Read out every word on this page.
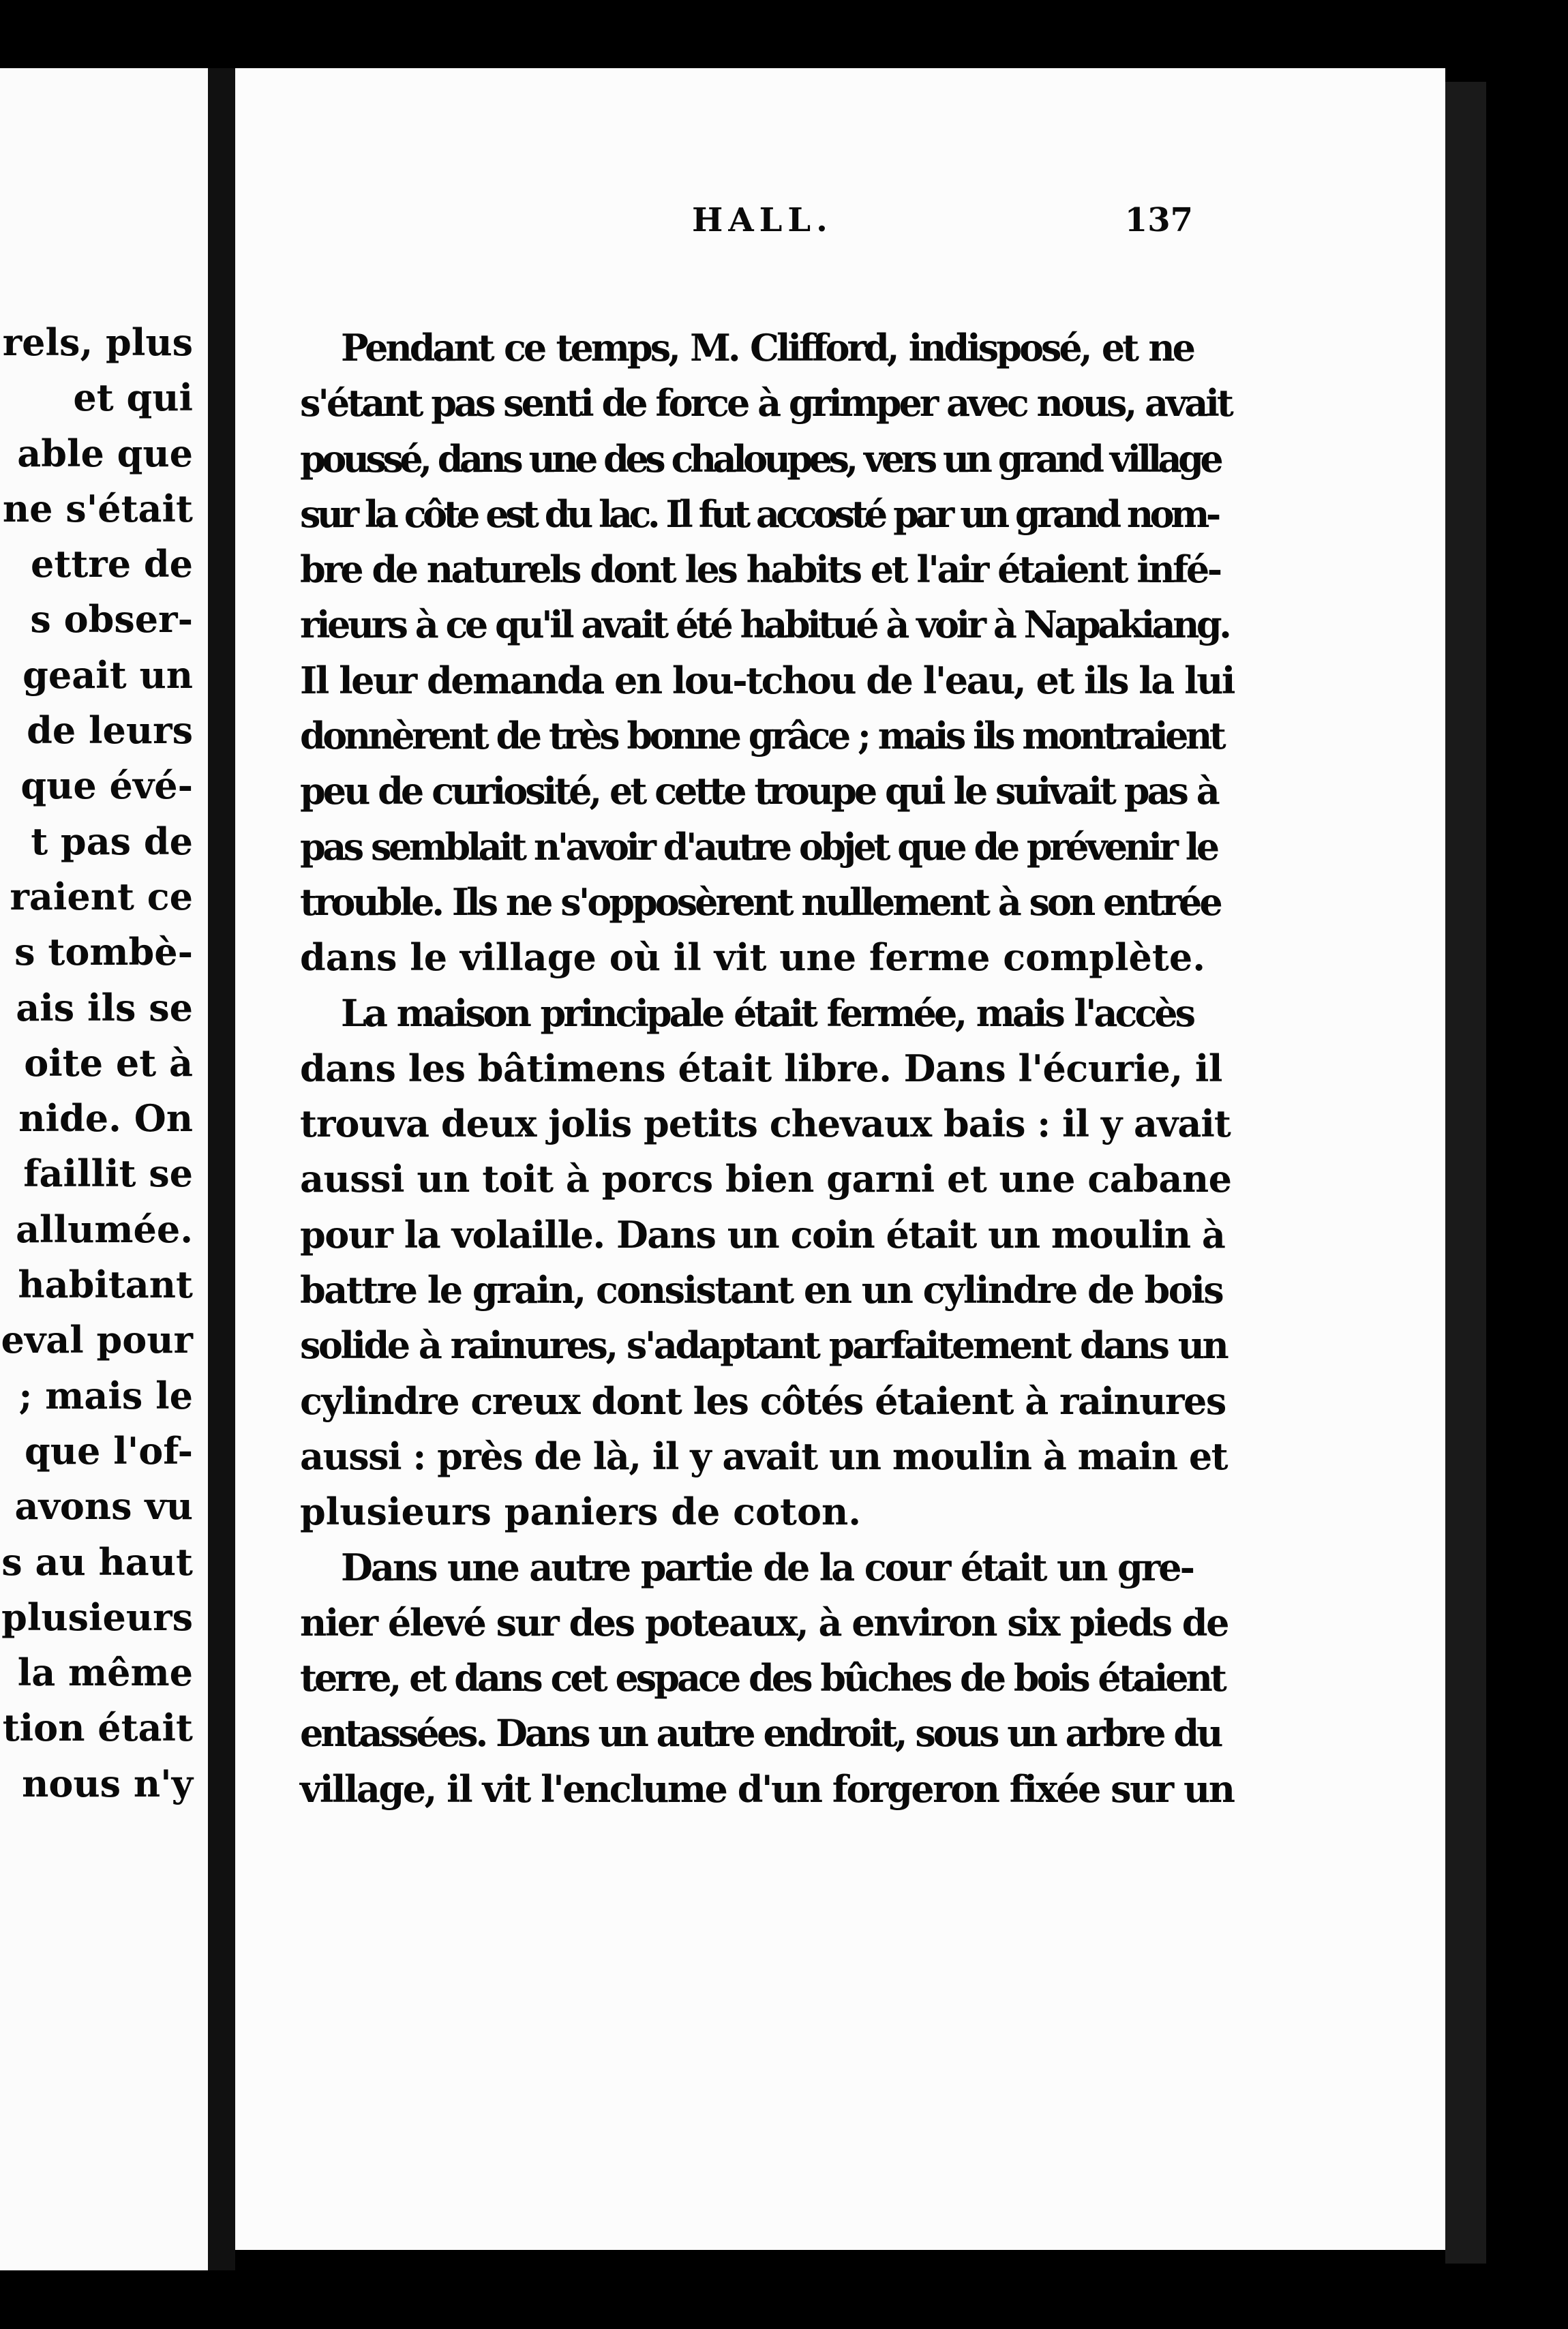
rels, plus
et qui
able que
ne s'était
ettre de
s obser-
geait un
de leurs
que évé-
t pas de
raient ce
s tombè-
ais ils se
oite et à
nide. On
faillit se
allumée.
habitant
eval pour
; mais le
que l'of-
avons vu
s au haut
plusieurs
la même
tion était
nous n'y
HALL.	137
Pendant ce temps, M. Clifford, indisposé, et ne
s'étant pas senti de force à grimper avec nous, avait
poussé, dans une des chaloupes, vers un grand village
sur la côte est du lac. Il fut accosté par un grand nom-
bre de naturels dont les habits et l'air étaient infé-
rieurs à ce qu'il avait été habitué à voir à Napakiang.
Il leur demanda en lou-tchou de l'eau, et ils la lui
donnèrent de très bonne grâce ; mais ils montraient
peu de curiosité, et cette troupe qui le suivait pas à
pas semblait n'avoir d'autre objet que de prévenir le
trouble. Ils ne s'opposèrent nullement à son entrée
dans le village où il vit une ferme complète.
La maison principale était fermée, mais l'accès
dans les bâtimens était libre. Dans l'écurie, il
trouva deux jolis petits chevaux bais : il y avait
aussi un toit à porcs bien garni et une cabane
pour la volaille. Dans un coin était un moulin à
battre le grain, consistant en un cylindre de bois
solide à rainures, s'adaptant parfaitement dans un
cylindre creux dont les côtés étaient à rainures
aussi : près de là, il y avait un moulin à main et
plusieurs paniers de coton.
Dans une autre partie de la cour était un gre-
nier élevé sur des poteaux, à environ six pieds de
terre, et dans cet espace des bûches de bois étaient
entassées. Dans un autre endroit, sous un arbre du
village, il vit l'enclume d'un forgeron fixée sur un
